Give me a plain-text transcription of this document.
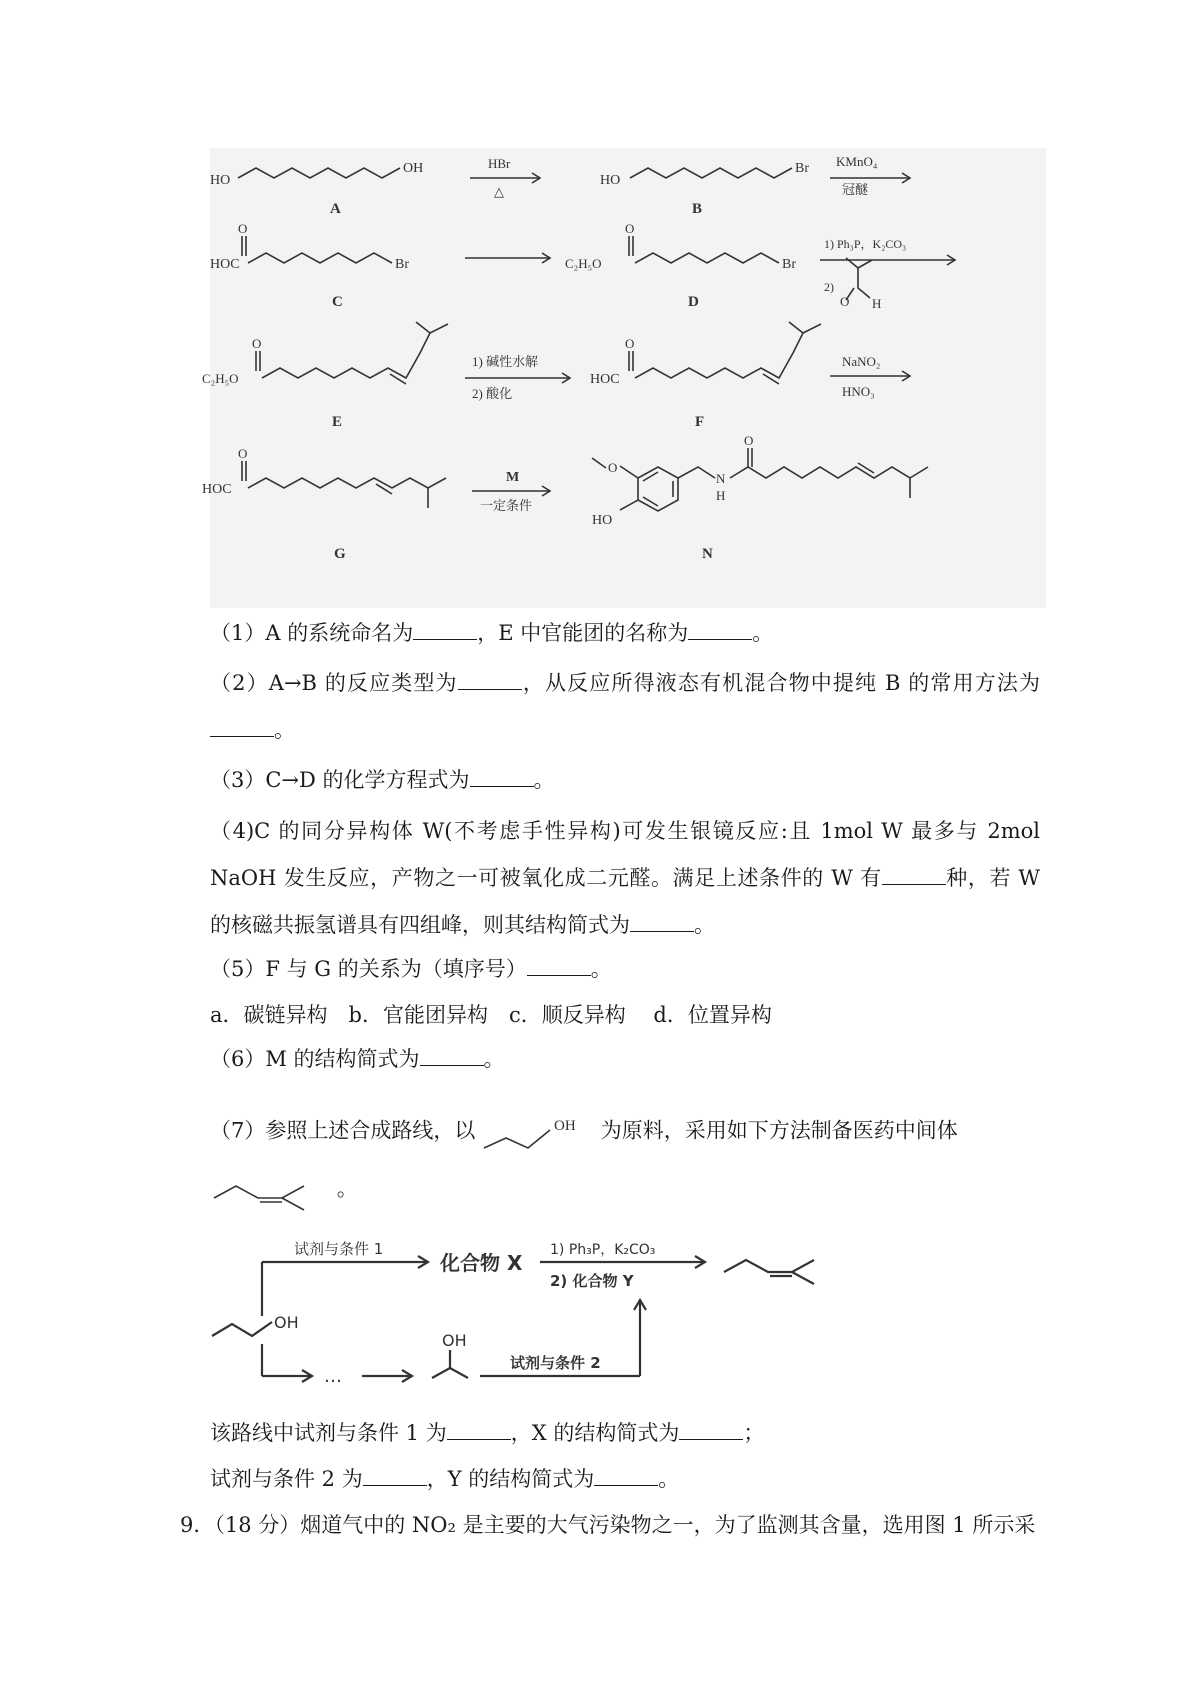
HO
OH
A
HBr
△
HO
Br
B
KMnO₄
冠醚
O
HOC	Br
C
O
C₂H₅O	Br
D
1) Ph₃P，K₂CO₃
2)
O H
O
C₂H₅O
E
1) 碱性水解
2) 酸化
O
HOC
F
NaNO₂
HNO₃
O
HOC
G
M
一定条件
O
HO
N
H
O
N
（1）A 的系统命名为	，E 中官能团的名称为	。
（2）A→B 的反应类型为	，从反应所得液态有机混合物中提纯 B 的常用方法为。
（3）C→D 的化学方程式为	。
（4)C 的同分异构体 W(不考虑手性异构)可发生银镜反应:且 1mol W 最多与 2mol NaOH 发生反应，产物之一可被氧化成二元醛。满足上述条件的 W 有	种，若 W 的核磁共振氢谱具有四组峰，则其结构简式为	。
（5）F 与 G 的关系为（填序号）	。
a．碳链异构　b．官能团异构　c．顺反异构　 d．位置异构
（6）M 的结构简式为	。
（7）参照上述合成路线，以	OH 为原料，采用如下方法制备医药中间体
。
试剂与条件 1
化合物 X
1) Ph₃P，K₂CO₃
2) 化合物 Y
OH
…
OH
试剂与条件 2
该路线中试剂与条件 1 为	，X 的结构简式为	；
试剂与条件 2 为	，Y 的结构简式为	。
9．（18 分）烟道气中的 NO₂ 是主要的大气污染物之一，为了监测其含量，选用图 1 所示采
